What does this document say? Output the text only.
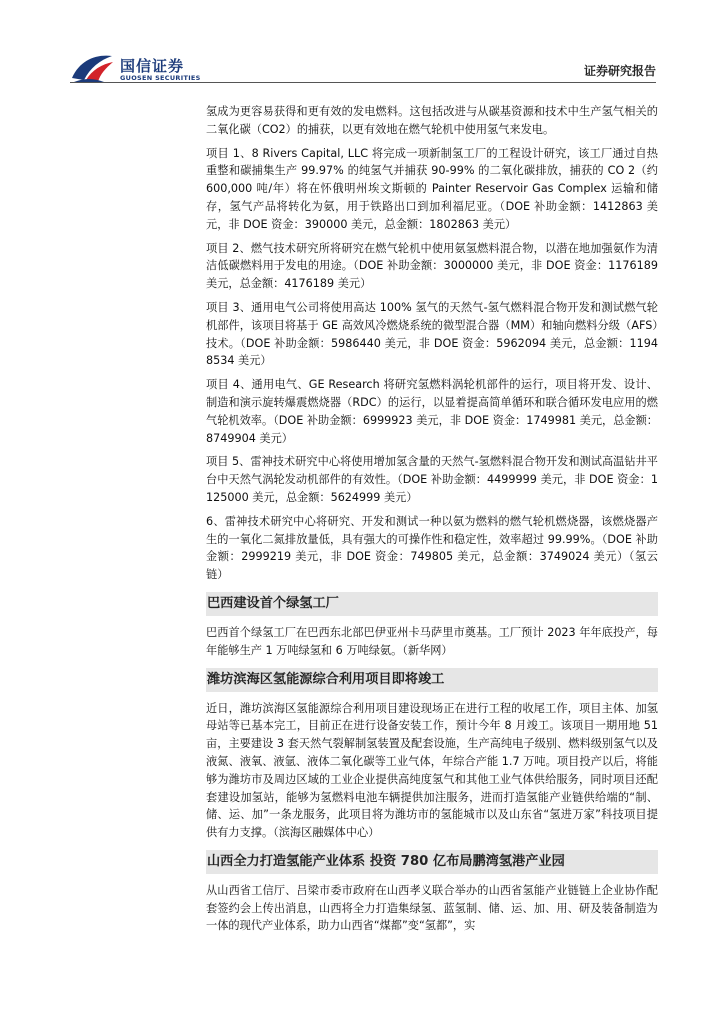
国信证券
GUOSEN SECURITIES	证券研究报告

氢成为更容易获得和更有效的发电燃料。这包括改进与从碳基资源和技术中生产氢气相关的二氧化碳（CO2）的捕获，以更有效地在燃气轮机中使用氢气来发电。

项目 1、8 Rivers Capital, LLC 将完成一项新制氢工厂的工程设计研究，该工厂通过自热重整和碳捕集生产 99.97% 的纯氢气并捕获 90-99% 的二氧化碳排放，捕获的 CO 2（约 600,000 吨/年）将在怀俄明州埃文斯顿的 Painter Reservoir Gas Complex 运输和储存，氢气产品将转化为氨，用于铁路出口到加利福尼亚。（DOE 补助金额：1412863 美元，非 DOE 资金：390000 美元，总金额：1802863 美元）

项目 2、燃气技术研究所将研究在燃气轮机中使用氨氢燃料混合物，以潜在地加强氨作为清洁低碳燃料用于发电的用途。（DOE 补助金额：3000000 美元，非 DOE 资金：1176189 美元，总金额：4176189 美元）

项目 3、通用电气公司将使用高达 100% 氢气的天然气-氢气燃料混合物开发和测试燃气轮机部件，该项目将基于 GE 高效风冷燃烧系统的微型混合器（MM）和轴向燃料分级（AFS）技术。（DOE 补助金额：5986440 美元，非 DOE 资金：5962094 美元，总金额：11948534 美元）

项目 4、通用电气、GE Research 将研究氢燃料涡轮机部件的运行，项目将开发、设计、制造和演示旋转爆震燃烧器（RDC）的运行，以显着提高简单循环和联合循环发电应用的燃气轮机效率。（DOE 补助金额：6999923 美元，非 DOE 资金：1749981 美元，总金额：8749904 美元）

项目 5、雷神技术研究中心将使用增加氢含量的天然气-氢燃料混合物开发和测试高温钻井平台中天然气涡轮发动机部件的有效性。（DOE 补助金额：4499999 美元，非 DOE 资金：1125000 美元，总金额：5624999 美元）

6、雷神技术研究中心将研究、开发和测试一种以氨为燃料的燃气轮机燃烧器，该燃烧器产生的一氧化二氮排放量低，具有强大的可操作性和稳定性，效率超过 99.99%。（DOE 补助金额：2999219 美元，非 DOE 资金：749805 美元，总金额：3749024 美元）（氢云链）

巴西建设首个绿氢工厂

巴西首个绿氢工厂在巴西东北部巴伊亚州卡马萨里市奠基。工厂预计 2023 年年底投产，每年能够生产 1 万吨绿氢和 6 万吨绿氨。（新华网）

潍坊滨海区氢能源综合利用项目即将竣工

近日，潍坊滨海区氢能源综合利用项目建设现场正在进行工程的收尾工作，项目主体、加氢母站等已基本完工，目前正在进行设备安装工作，预计今年 8 月竣工。该项目一期用地 51 亩，主要建设 3 套天然气裂解制氢装置及配套设施，生产高纯电子级别、燃料级别氢气以及液氮、液氧、液氩、液体二氧化碳等工业气体，年综合产能 1.7 万吨。项目投产以后，将能够为潍坊市及周边区域的工业企业提供高纯度氢气和其他工业气体供给服务，同时项目还配套建设加氢站，能够为氢燃料电池车辆提供加注服务，进而打造氢能产业链供给端的“制、储、运、加”一条龙服务，此项目将为潍坊市的氢能城市以及山东省“氢进万家”科技项目提供有力支撑。（滨海区融媒体中心）

山西全力打造氢能产业体系 投资 780 亿布局鹏湾氢港产业园

从山西省工信厅、吕梁市委市政府在山西孝义联合举办的山西省氢能产业链链上企业协作配套签约会上传出消息，山西将全力打造集绿氢、蓝氢制、储、运、加、用、研及装备制造为一体的现代产业体系，助力山西省“煤都”变“氢都”，实
